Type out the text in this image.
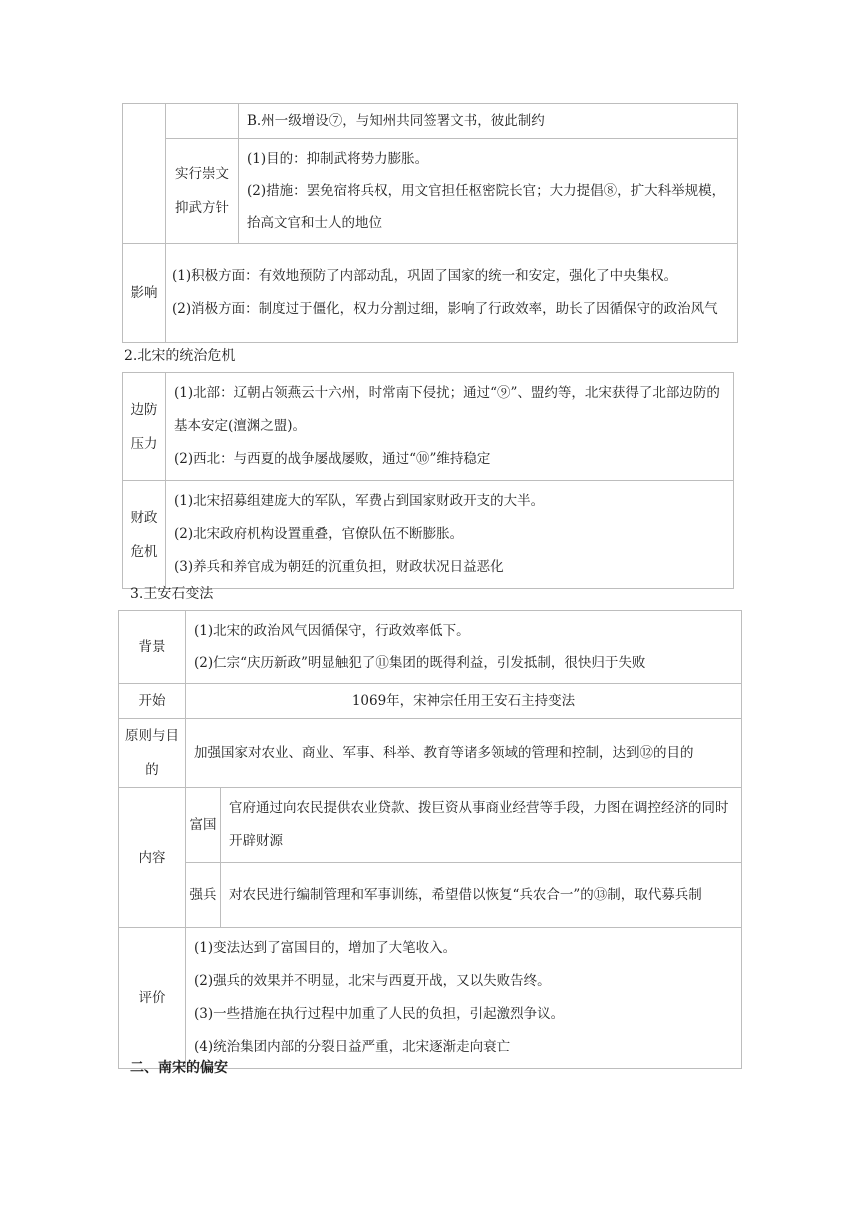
		B.州一级增设⑦，与知州共同签署文书，彼此制约
	实行崇文抑武方针	(1)目的：抑制武将势力膨胀。
(2)措施：罢免宿将兵权，用文官担任枢密院长官；大力提倡⑧，扩大科举规模，抬高文官和士人的地位

影响	(1)积极方面：有效地预防了内部动乱，巩固了国家的统一和安定，强化了中央集权。
(2)消极方面：制度过于僵化，权力分割过细，影响了行政效率，助长了因循保守的政治风气	
2.北宋的统治危机
边防压力	(1)北部：辽朝占领燕云十六州，时常南下侵扰；通过“⑨”、盟约等，北宋获得了北部边防的基本安定(澶渊之盟)。
(2)西北：与西夏的战争屡战屡败，通过“⑩”维持稳定

财政危机	(1)北宋招募组建庞大的军队，军费占到国家财政开支的大半。
(2)北宋政府机构设置重叠，官僚队伍不断膨胀。
(3)养兵和养官成为朝廷的沉重负担，财政状况日益恶化
3.王安石变法
背景	(1)北宋的政治风气因循保守，行政效率低下。
(2)仁宗“庆历新政”明显触犯了⑪集团的既得利益，引发抵制，很快归于失败	

开始	1069年，宋神宗任用王安石主持变法	
原则与目的	加强国家对农业、商业、军事、科举、教育等诸多领域的管理和控制，达到⑫的目的	
内容	富国	官府通过向农民提供农业贷款、拨巨资从事商业经营等手段，力图在调控经济的同时开辟财源
	强兵	对农民进行编制管理和军事训练，希望借以恢复“兵农合一”的⑬制，取代募兵制
评价	(1)变法达到了富国目的，增加了大笔收入。
(2)强兵的效果并不明显，北宋与西夏开战，又以失败告终。
(3)一些措施在执行过程中加重了人民的负担，引起激烈争议。
(4)统治集团内部的分裂日益严重，北宋逐渐走向衰亡	
二、南宋的偏安
